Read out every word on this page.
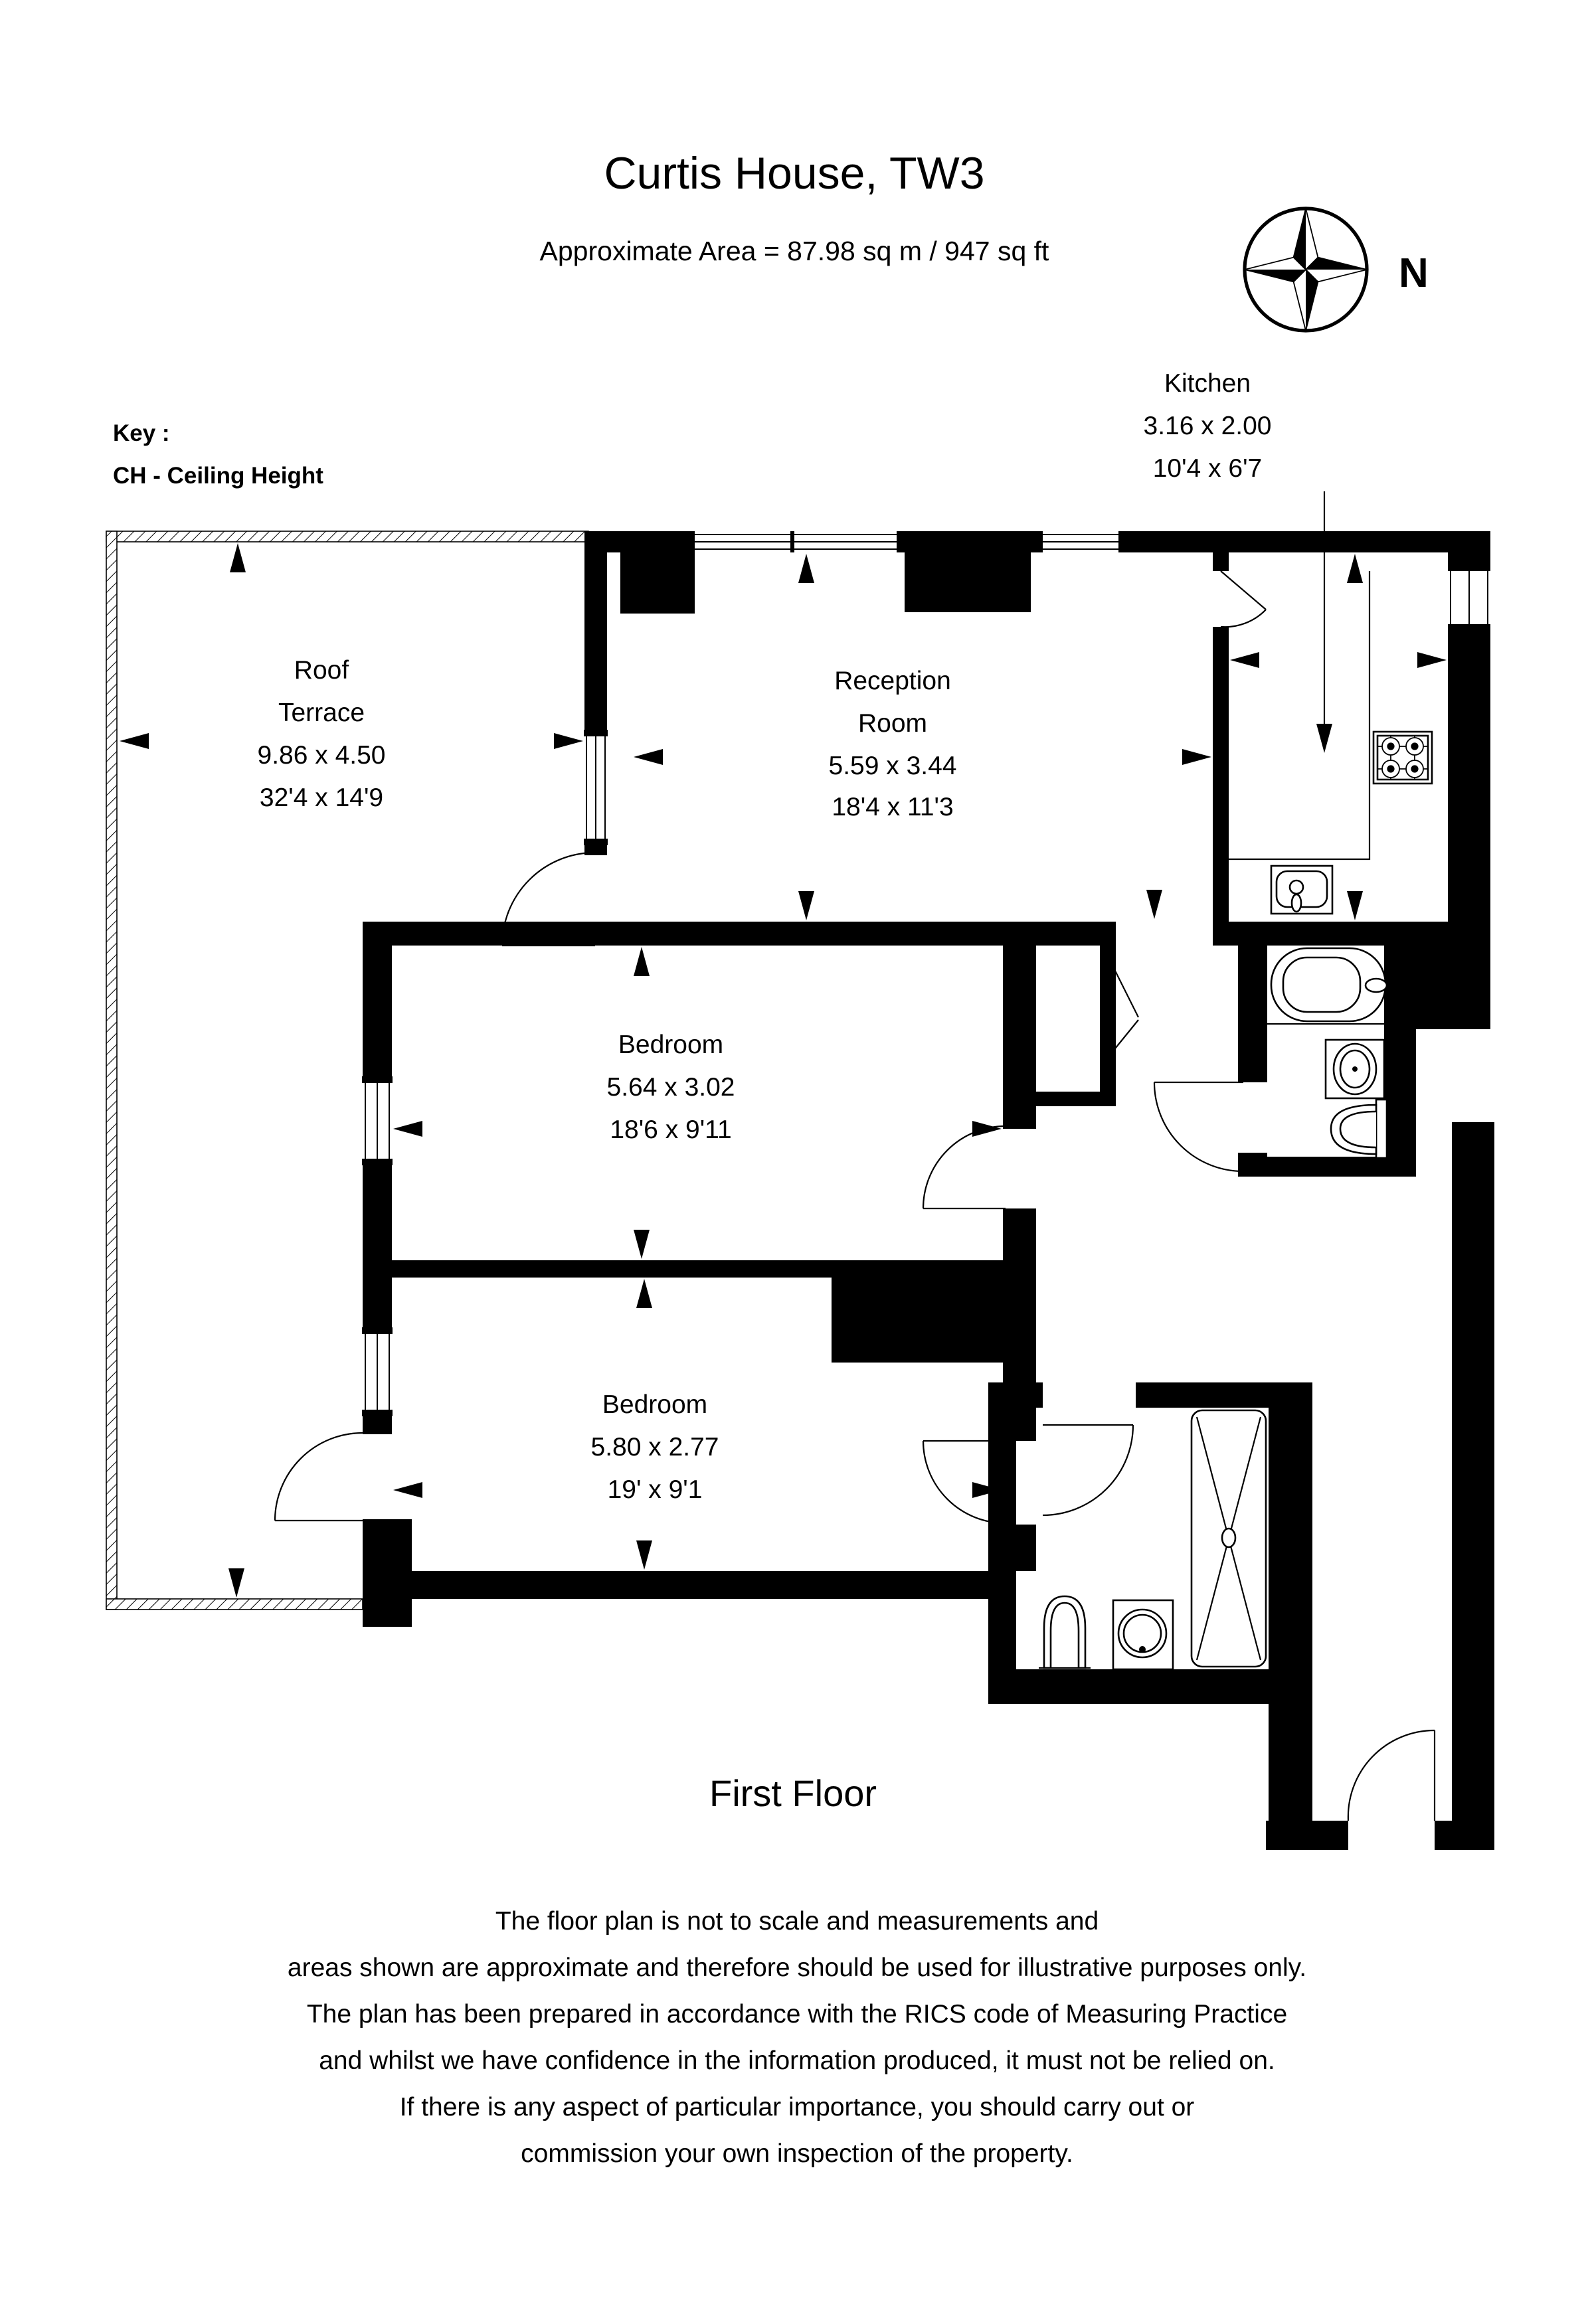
Curtis House, TW3
Approximate Area = 87.98 sq m / 947 sq ft	N
Key :
CH - Ceiling Height
Kitchen
3.16 x 2.00
10'4 x 6'7
Roof
Terrace
9.86 x 4.50
32'4 x 14'9
Reception
Room
5.59 x 3.44
18'4 x 11'3
Bedroom
5.64 x 3.02
18'6 x 9'11
Bedroom
5.80 x 2.77
19' x 9'1
First Floor
The floor plan is not to scale and measurements and
areas shown are approximate and therefore should be used for illustrative purposes only.
The plan has been prepared in accordance with the RICS code of Measuring Practice
and whilst we have confidence in the information produced, it must not be relied on.
If there is any aspect of particular importance, you should carry out or
commission your own inspection of the property.
